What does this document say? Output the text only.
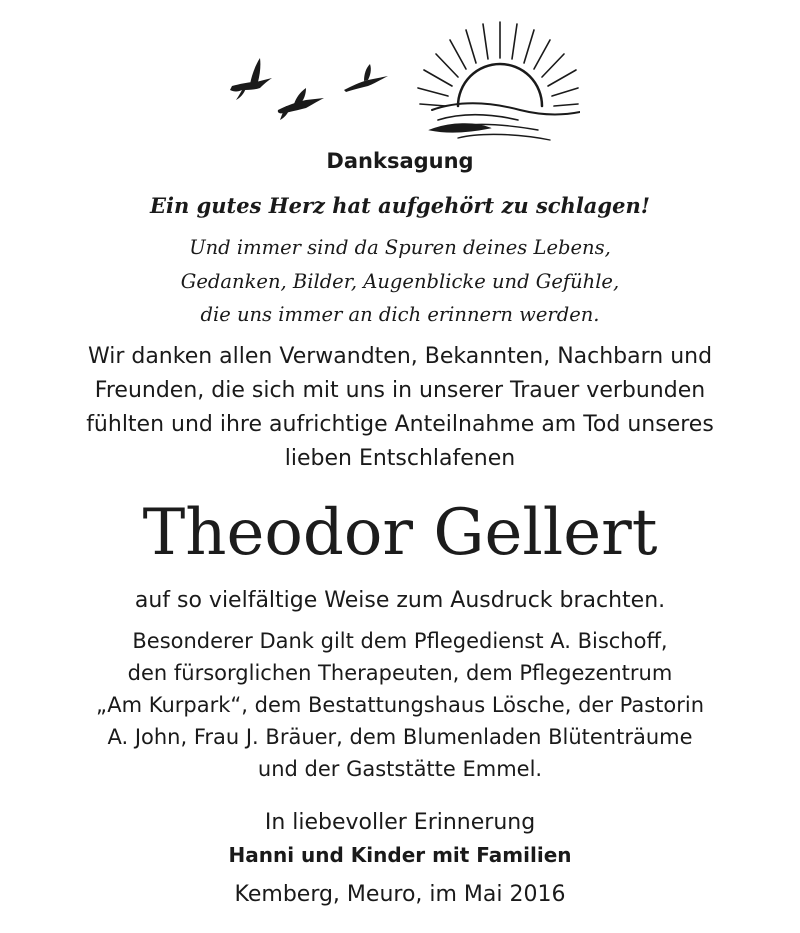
Danksagung
Ein gutes Herz hat aufgehört zu schlagen!
Und immer sind da Spuren deines Lebens,
Gedanken, Bilder, Augenblicke und Gefühle,
die uns immer an dich erinnern werden.
Wir danken allen Verwandten, Bekannten, Nachbarn und
Freunden, die sich mit uns in unserer Trauer verbunden
fühlten und ihre aufrichtige Anteilnahme am Tod unseres
lieben Entschlafenen
Theodor Gellert
auf so vielfältige Weise zum Ausdruck brachten.
Besonderer Dank gilt dem Pflegedienst A. Bischoff,
den fürsorglichen Therapeuten, dem Pflegezentrum
„Am Kurpark“, dem Bestattungshaus Lösche, der Pastorin
A. John, Frau J. Bräuer, dem Blumenladen Blütenträume
und der Gaststätte Emmel.
In liebevoller Erinnerung
Hanni und Kinder mit Familien
Kemberg, Meuro, im Mai 2016
